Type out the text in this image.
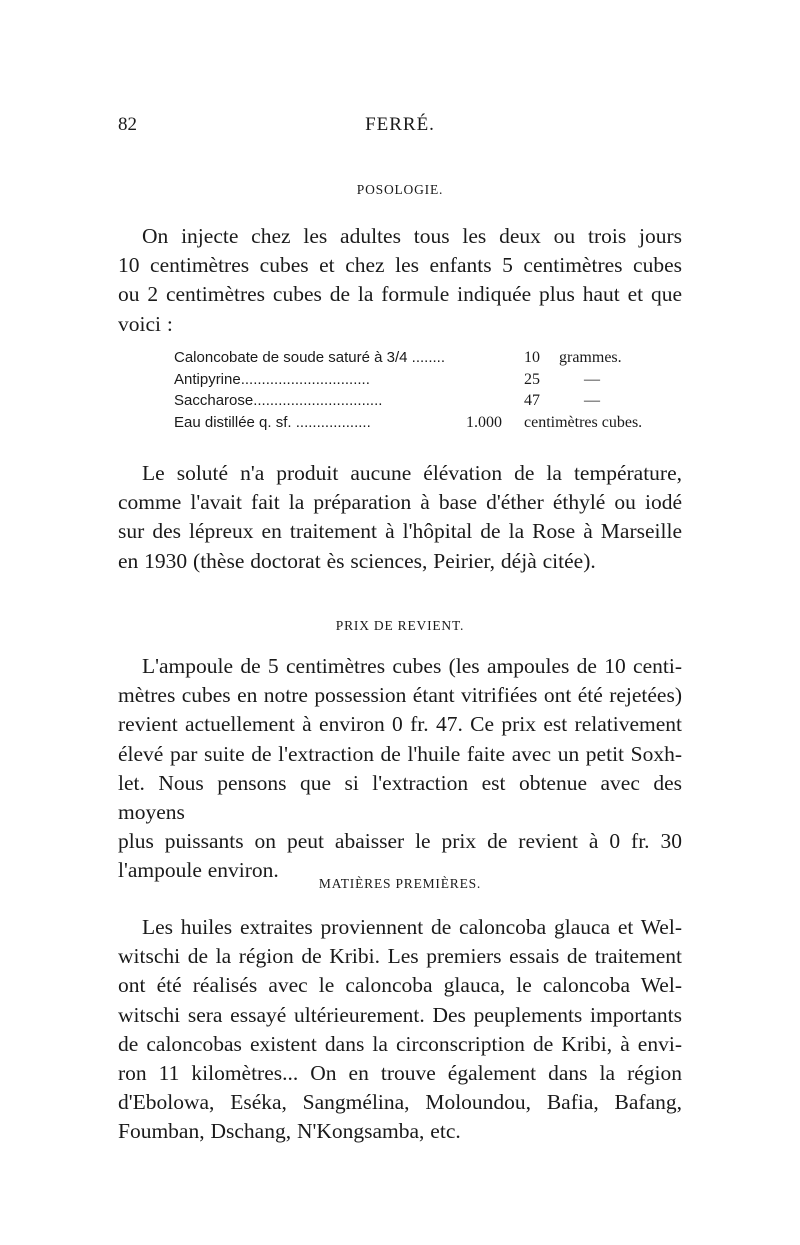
82	FERRÉ.
POSOLOGIE.
On injecte chez les adultes tous les deux ou trois jours
10 centimètres cubes et chez les enfants 5 centimètres cubes
ou 2 centimètres cubes de la formule indiquée plus haut et que
voici :
Caloncobate de soude saturé à 3/4 ........	10 grammes.
Antipyrine...............................	25	—
Saccharose...............................	47	—
Eau distillée q. sf. ..................	1.000 centimètres cubes.
Le soluté n'a produit aucune élévation de la température,
comme l'avait fait la préparation à base d'éther éthylé ou iodé
sur des lépreux en traitement à l'hôpital de la Rose à Marseille
en 1930 (thèse doctorat ès sciences, Peirier, déjà citée).
PRIX DE REVIENT.
L'ampoule de 5 centimètres cubes (les ampoules de 10 centi-
mètres cubes en notre possession étant vitrifiées ont été rejetées)
revient actuellement à environ 0 fr. 47. Ce prix est relativement
élevé par suite de l'extraction de l'huile faite avec un petit Soxh-
let. Nous pensons que si l'extraction est obtenue avec des moyens
plus puissants on peut abaisser le prix de revient à 0 fr. 30
l'ampoule environ.
MATIÈRES PREMIÈRES.
Les huiles extraites proviennent de caloncoba glauca et Wel-
witschi de la région de Kribi. Les premiers essais de traitement
ont été réalisés avec le caloncoba glauca, le caloncoba Wel-
witschi sera essayé ultérieurement. Des peuplements importants
de caloncobas existent dans la circonscription de Kribi, à envi-
ron 11 kilomètres... On en trouve également dans la région
d'Ebolowa, Eséka, Sangmélina, Moloundou, Bafia, Bafang,
Foumban, Dschang, N'Kongsamba, etc.
